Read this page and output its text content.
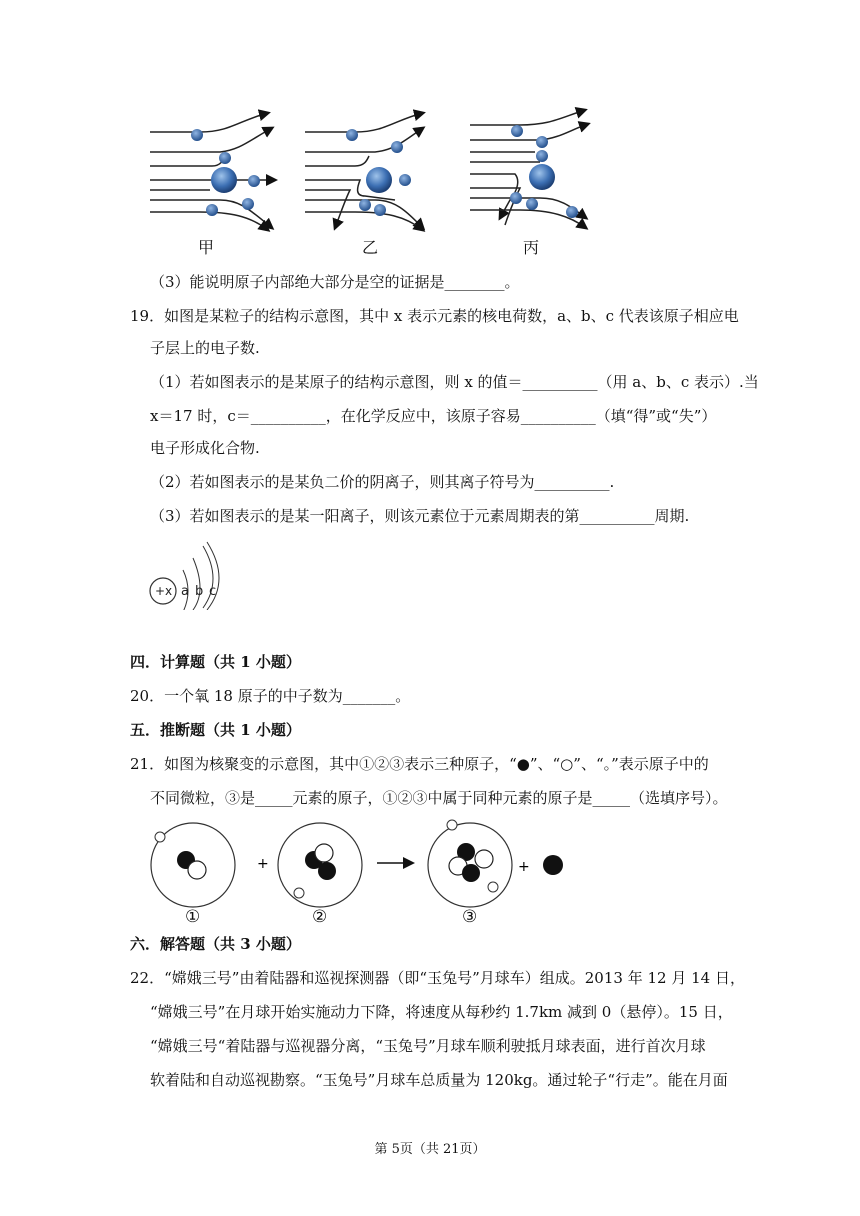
甲	乙	丙
（3）能说明原子内部绝大部分是空的证据是________。
19．如图是某粒子的结构示意图，其中 x 表示元素的核电荷数，a、b、c 代表该原子相应电
子层上的电子数.
（1）若如图表示的是某原子的结构示意图，则 x 的值＝__________（用 a、b、c 表示）.当
x＝17 时，c＝__________，在化学反应中，该原子容易__________（填“得”或“失”）
电子形成化合物.
（2）若如图表示的是某负二价的阴离子，则其离子符号为__________.
（3）若如图表示的是某一阳离子，则该元素位于元素周期表的第__________周期.
+x a b c
四．计算题（共 1 小题）
20．一个氧 18 原子的中子数为_______。
五．推断题（共 1 小题）
21．如图为核聚变的示意图，其中①②③表示三种原子，“●”、“○”、“。”表示原子中的
不同微粒，③是_____元素的原子，①②③中属于同种元素的原子是_____（选填序号）。
+	+
①	②	③
六．解答题（共 3 小题）
22．“嫦娥三号”由着陆器和巡视探测器（即“玉兔号”月球车）组成。2013 年 12 月 14 日，
“嫦娥三号”在月球开始实施动力下降，将速度从每秒约 1.7km 减到 0（悬停）。15 日，
“嫦娥三号“着陆器与巡视器分离，“玉兔号”月球车顺利驶抵月球表面，进行首次月球
软着陆和自动巡视勘察。“玉兔号”月球车总质量为 120kg。通过轮子“行走”。能在月面
第 5页（共 21页）
